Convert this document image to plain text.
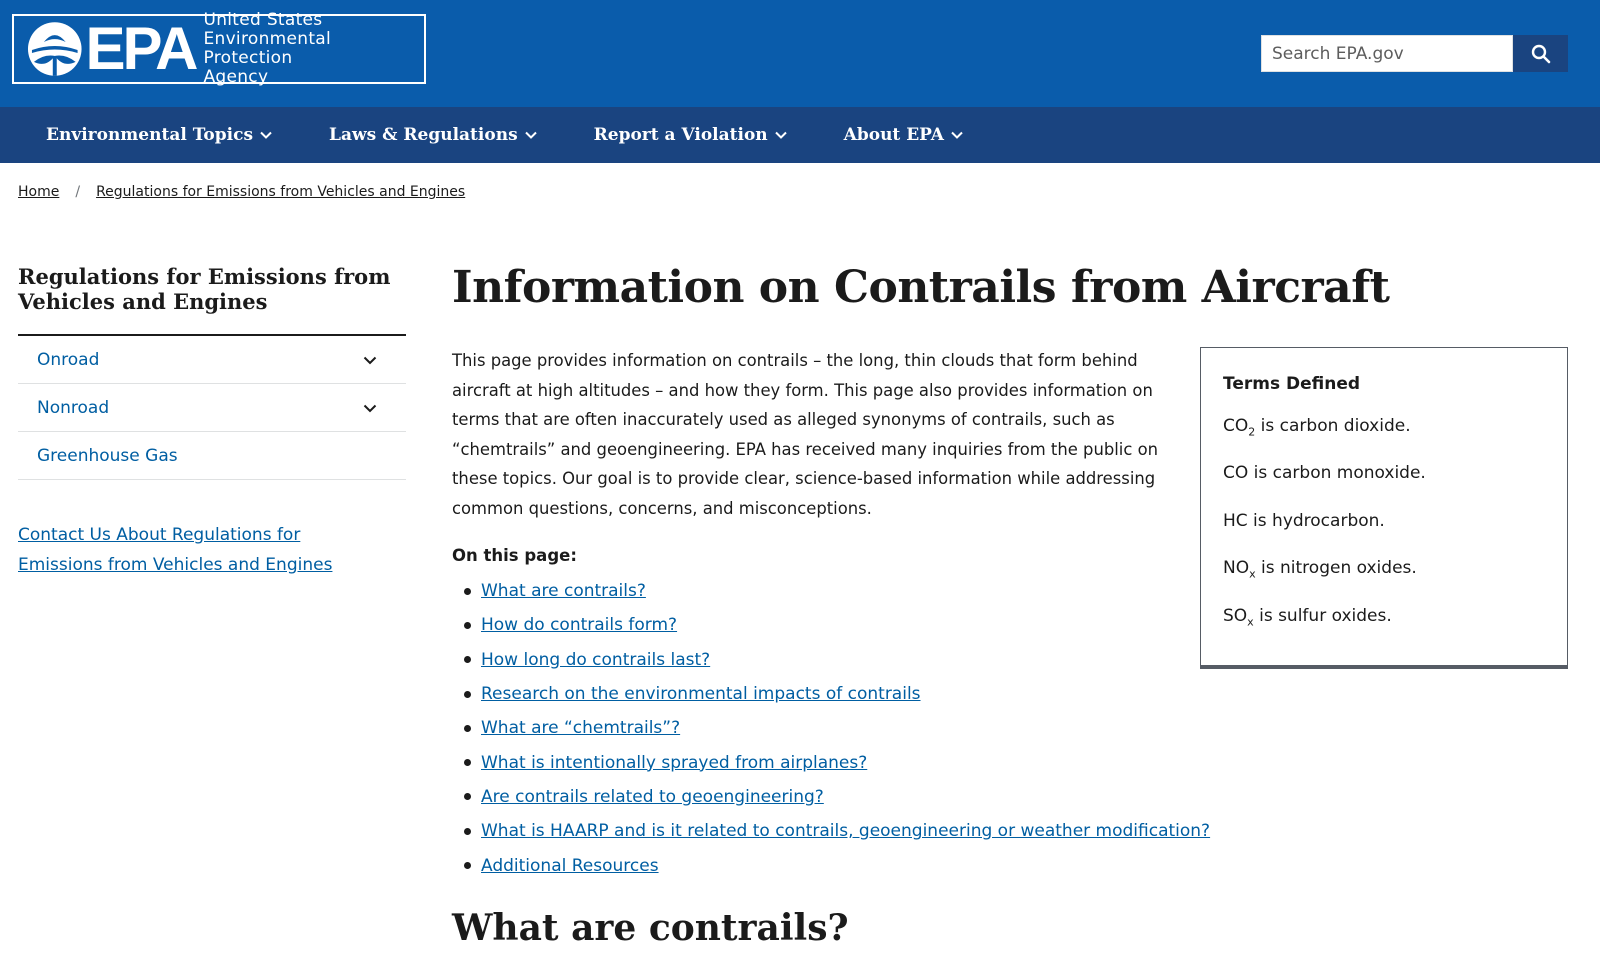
EPA United States
Environmental Protection
Agency
Search EPA.gov
Environmental Topics	Laws & Regulations	Report a Violation	About EPA
Home / Regulations for Emissions from Vehicles and Engines
Regulations for Emissions from Vehicles and Engines
Onroad
Nonroad
Greenhouse Gas
Contact Us About Regulations for Emissions from Vehicles and Engines
Information on Contrails from Aircraft

This page provides information on contrails – the long, thin clouds that form behind aircraft at high altitudes – and how they form. This page also provides information on terms that are often inaccurately used as alleged synonyms of contrails, such as “chemtrails” and geoengineering. EPA has received many inquiries from the public on these topics. Our goal is to provide clear, science-based information while addressing common questions, concerns, and misconceptions.

On this page:
What are contrails?
How do contrails form?
How long do contrails last?
Research on the environmental impacts of contrails
What are “chemtrails”?
What is intentionally sprayed from airplanes?
Are contrails related to geoengineering?
What is HAARP and is it related to contrails, geoengineering or weather modification?
Additional Resources
What are contrails?
Terms Defined
$CO_2$ is carbon dioxide.
CO is carbon monoxide.
HC is hydrocarbon.
$NO_x$ is nitrogen oxides.
$SO_x$ is sulfur oxides.
